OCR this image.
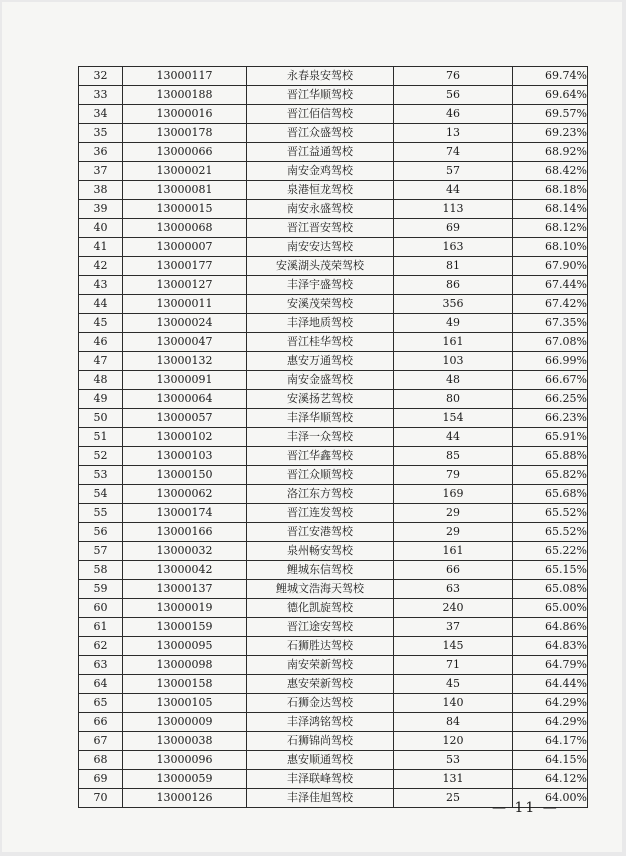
32	13000117	永春泉安驾校	76	69.74%
33	13000188	晋江华顺驾校	56	69.64%
34	13000016	晋江佰信驾校	46	69.57%
35	13000178	晋江众盛驾校	13	69.23%
36	13000066	晋江益通驾校	74	68.92%
37	13000021	南安金鸡驾校	57	68.42%
38	13000081	泉港恒龙驾校	44	68.18%
39	13000015	南安永盛驾校	113	68.14%
40	13000068	晋江晋安驾校	69	68.12%
41	13000007	南安安达驾校	163	68.10%
42	13000177	安溪湖头茂荣驾校	81	67.90%
43	13000127	丰泽宇盛驾校	86	67.44%
44	13000011	安溪茂荣驾校	356	67.42%
45	13000024	丰泽地质驾校	49	67.35%
46	13000047	晋江桂华驾校	161	67.08%
47	13000132	惠安万通驾校	103	66.99%
48	13000091	南安金盛驾校	48	66.67%
49	13000064	安溪扬艺驾校	80	66.25%
50	13000057	丰泽华顺驾校	154	66.23%
51	13000102	丰泽一众驾校	44	65.91%
52	13000103	晋江华鑫驾校	85	65.88%
53	13000150	晋江众顺驾校	79	65.82%
54	13000062	洛江东方驾校	169	65.68%
55	13000174	晋江连发驾校	29	65.52%
56	13000166	晋江安港驾校	29	65.52%
57	13000032	泉州畅安驾校	161	65.22%
58	13000042	鲤城东信驾校	66	65.15%
59	13000137	鲤城文浩海天驾校	63	65.08%
60	13000019	德化凯旋驾校	240	65.00%
61	13000159	晋江途安驾校	37	64.86%
62	13000095	石狮胜达驾校	145	64.83%
63	13000098	南安荣新驾校	71	64.79%
64	13000158	惠安荣新驾校	45	64.44%
65	13000105	石狮金达驾校	140	64.29%
66	13000009	丰泽鸿铭驾校	84	64.29%
67	13000038	石狮锦尚驾校	120	64.17%
68	13000096	惠安顺通驾校	53	64.15%
69	13000059	丰泽联峰驾校	131	64.12%
70	13000126	丰泽佳旭驾校	25	64.00%
— 11 —
